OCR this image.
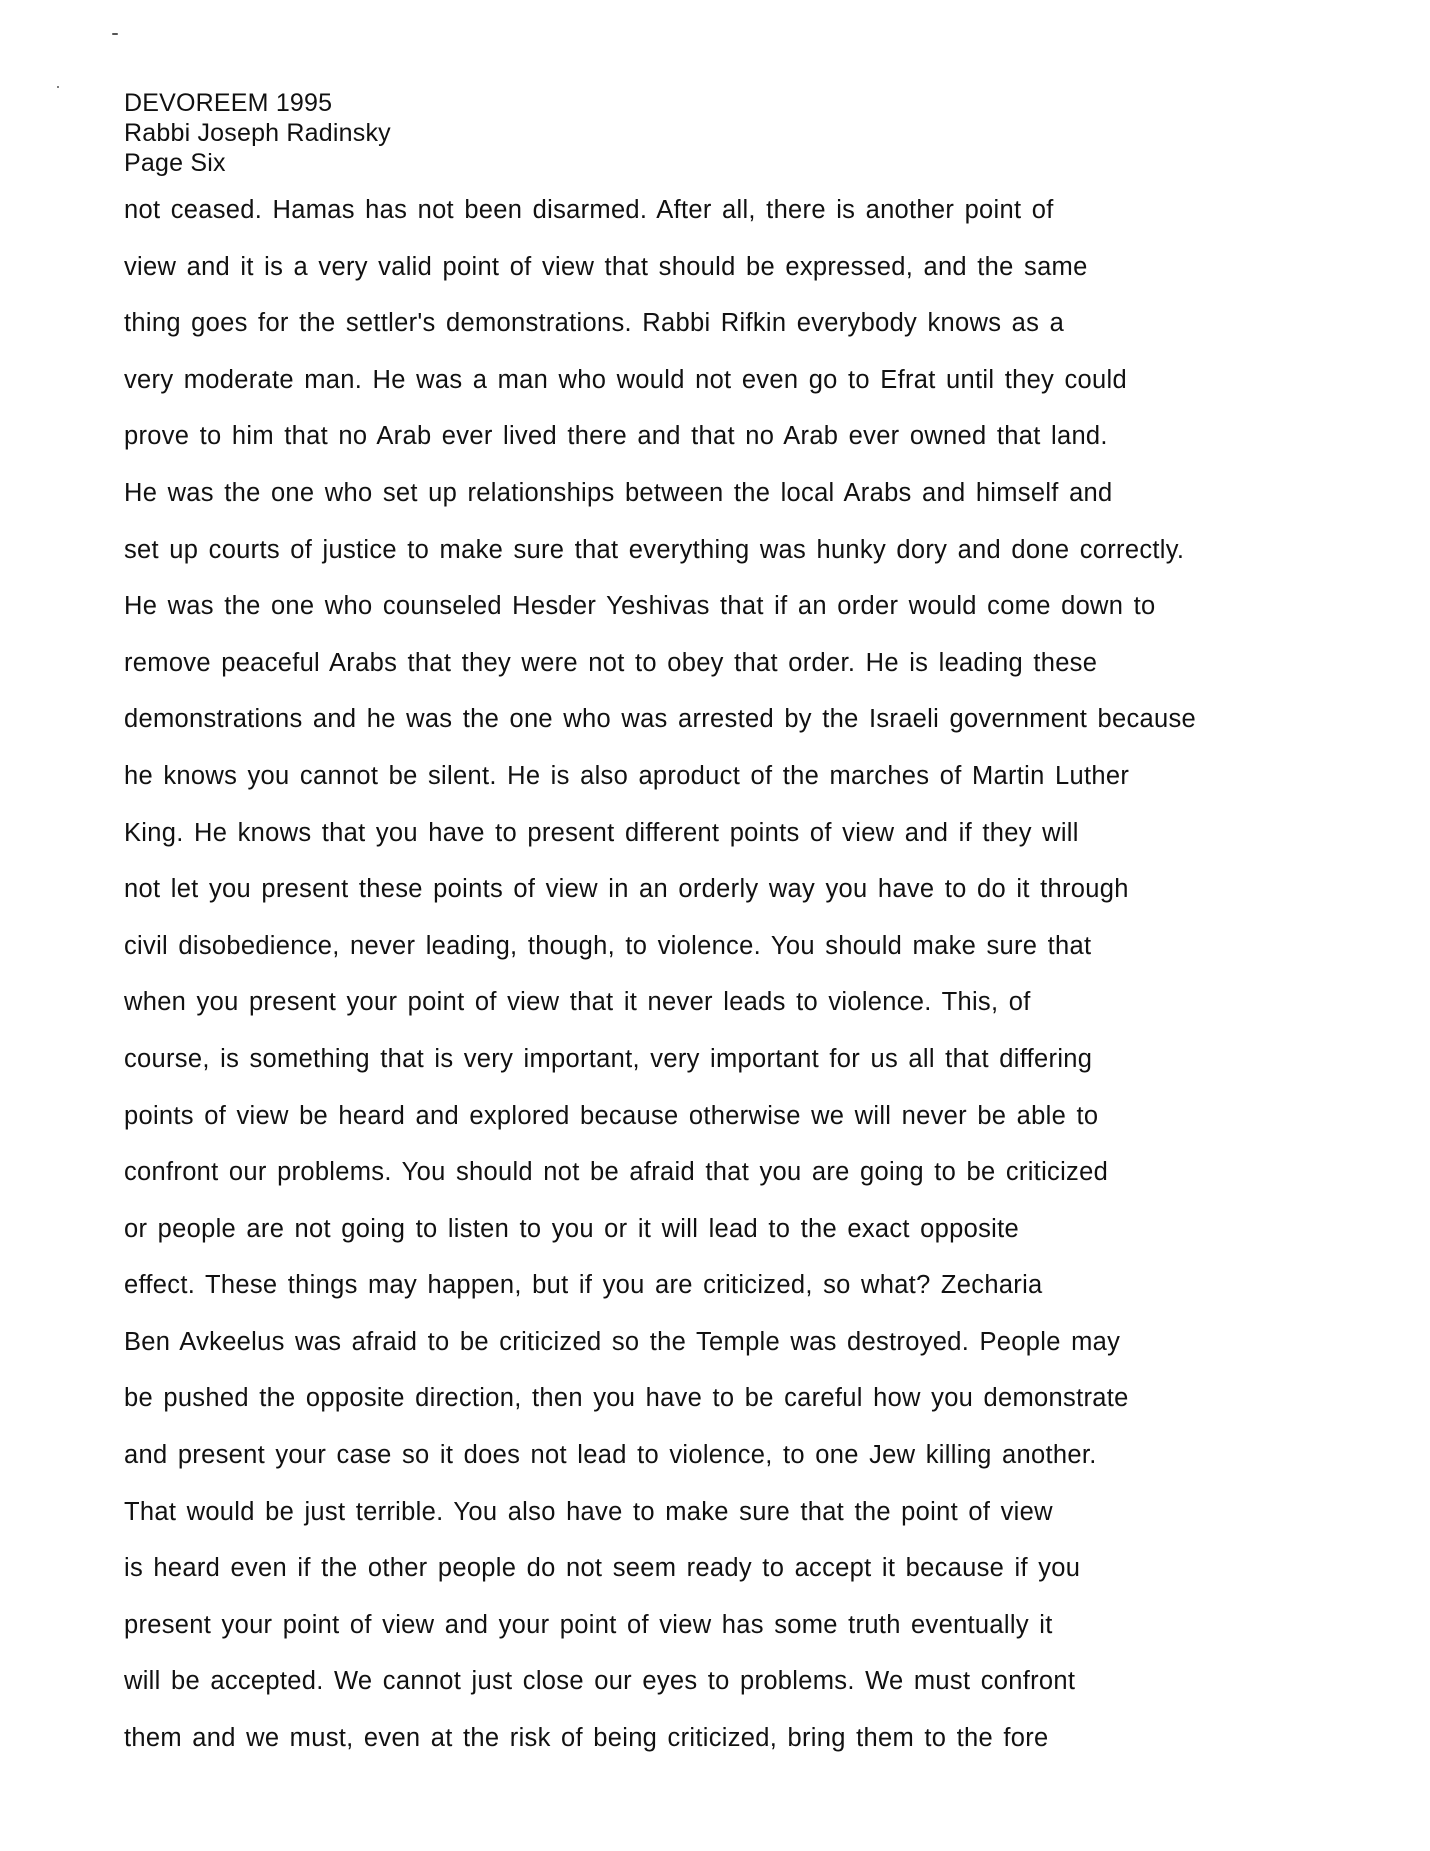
DEVOREEM 1995
Rabbi Joseph Radinsky
Page Six
not ceased. Hamas has not been disarmed. After all, there is another point of
view and it is a very valid point of view that should be expressed, and the same
thing goes for the settler's demonstrations. Rabbi Rifkin everybody knows as a
very moderate man. He was a man who would not even go to Efrat until they could
prove to him that no Arab ever lived there and that no Arab ever owned that land.
He was the one who set up relationships between the local Arabs and himself and
set up courts of justice to make sure that everything was hunky dory and done correctly.
He was the one who counseled Hesder Yeshivas that if an order would come down to
remove peaceful Arabs that they were not to obey that order. He is leading these
demonstrations and he was the one who was arrested by the Israeli government because
he knows you cannot be silent. He is also aproduct of the marches of Martin Luther
King. He knows that you have to present different points of view and if they will
not let you present these points of view in an orderly way you have to do it through
civil disobedience, never leading, though, to violence. You should make sure that
when you present your point of view that it never leads to violence. This, of
course, is something that is very important, very important for us all that differing
points of view be heard and explored because otherwise we will never be able to
confront our problems. You should not be afraid that you are going to be criticized
or people are not going to listen to you or it will lead to the exact opposite
effect. These things may happen, but if you are criticized, so what? Zecharia
Ben Avkeelus was afraid to be criticized so the Temple was destroyed. People may
be pushed the opposite direction, then you have to be careful how you demonstrate
and present your case so it does not lead to violence, to one Jew killing another.
That would be just terrible. You also have to make sure that the point of view
is heard even if the other people do not seem ready to accept it because if you
present your point of view and your point of view has some truth eventually it
will be accepted. We cannot just close our eyes to problems. We must confront
them and we must, even at the risk of being criticized, bring them to the fore
